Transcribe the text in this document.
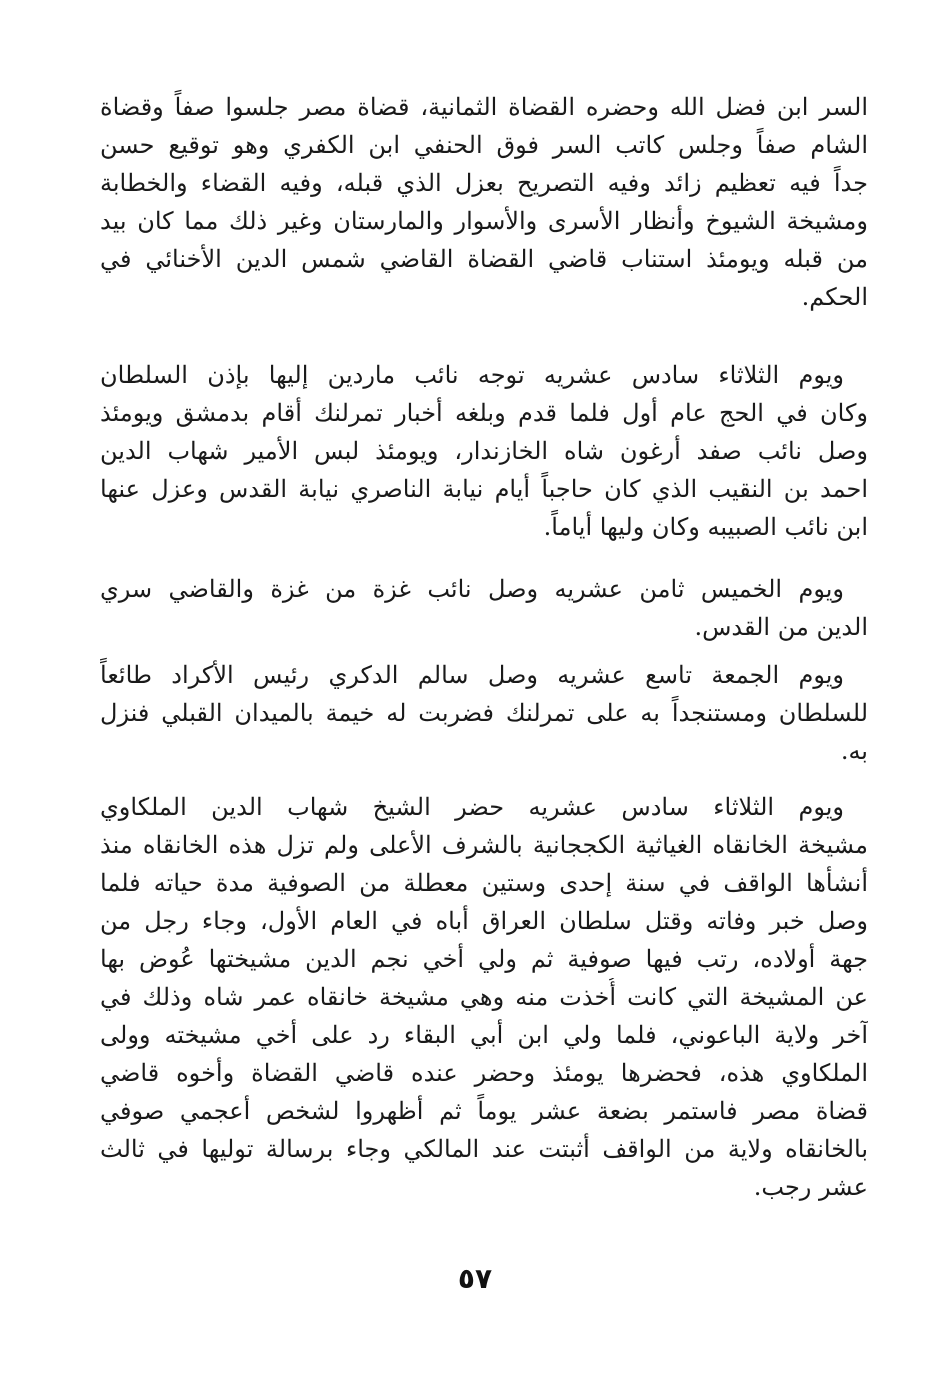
السر ابن فضل الله وحضره القضاة الثمانية، قضاة مصر جلسوا صفاً وقضاة
الشام صفاً وجلس كاتب السر فوق الحنفي ابن الكفري وهو توقيع حسن
جداً فيه تعظيم زائد وفيه التصريح بعزل الذي قبله، وفيه القضاء والخطابة
ومشيخة الشيوخ وأنظار الأسرى والأسوار والمارستان وغير ذلك مما كان بيد
من قبله ويومئذ استناب قاضي القضاة القاضي شمس الدين الأخنائي في
الحكم.
ويوم الثلاثاء سادس عشريه توجه نائب ماردين إليها بإذن السلطان
وكان في الحج عام أول فلما قدم وبلغه أخبار تمرلنك أقام بدمشق ويومئذ
وصل نائب صفد أرغون شاه الخازندار، ويومئذ لبس الأمير شهاب الدين
احمد بن النقيب الذي كان حاجباً أيام نيابة الناصري نيابة القدس وعزل عنها
ابن نائب الصبيبه وكان وليها أياماً.
ويوم الخميس ثامن عشريه وصل نائب غزة من غزة والقاضي سري
الدين من القدس.
ويوم الجمعة تاسع عشريه وصل سالم الدكري رئيس الأكراد طائعاً
للسلطان ومستنجداً به على تمرلنك فضربت له خيمة بالميدان القبلي فنزل
به.
ويوم الثلاثاء سادس عشريه حضر الشيخ شهاب الدين الملكاوي
مشيخة الخانقاه الغياثية الكججانية بالشرف الأعلى ولم تزل هذه الخانقاه منذ
أنشأها الواقف في سنة إحدى وستين معطلة من الصوفية مدة حياته فلما
وصل خبر وفاته وقتل سلطان العراق أباه في العام الأول، وجاء رجل من
جهة أولاده، رتب فيها صوفية ثم ولي أخي نجم الدين مشيختها عُوض بها
عن المشيخة التي كانت أُخذت منه وهي مشيخة خانقاه عمر شاه وذلك في
آخر ولاية الباعوني، فلما ولي ابن أبي البقاء رد على أخي مشيخته وولى
الملكاوي هذه، فحضرها يومئذ وحضر عنده قاضي القضاة وأخوه قاضي
قضاة مصر فاستمر بضعة عشر يوماً ثم أظهروا لشخص أعجمي صوفي
بالخانقاه ولاية من الواقف أثبتت عند المالكي وجاء برسالة توليها في ثالث
عشر رجب.
٥٧
